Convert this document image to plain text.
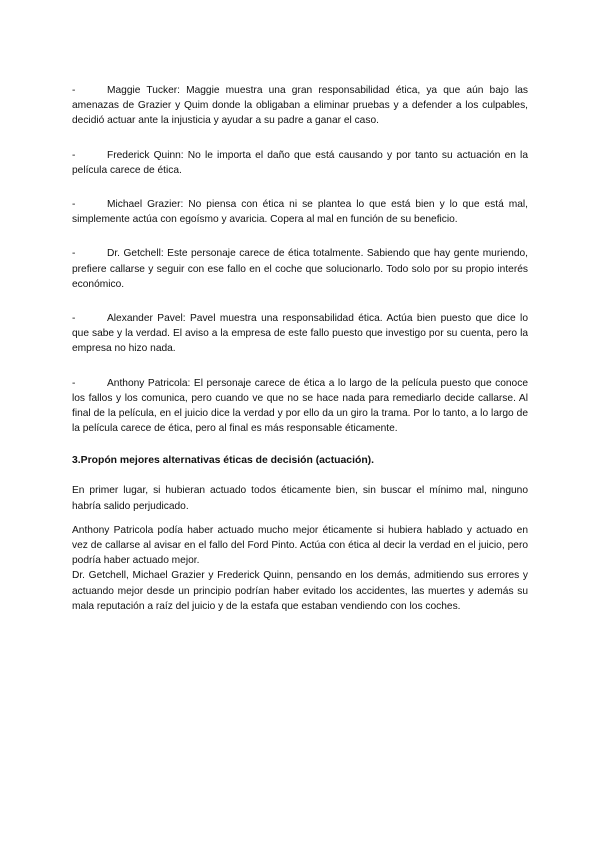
-	Maggie Tucker: Maggie muestra una gran responsabilidad ética, ya que aún bajo las amenazas de Grazier y Quim donde la obligaban a eliminar pruebas y a defender a los culpables, decidió actuar ante la injusticia y ayudar a su padre a ganar el caso.
-	Frederick Quinn: No le importa el daño que está causando y por tanto su actuación en la película carece de ética.
-	Michael Grazier: No piensa con ética ni se plantea lo que está bien y lo que está mal, simplemente actúa con egoísmo y avaricia. Copera al mal en función de su beneficio.
-	Dr. Getchell: Este personaje carece de ética totalmente. Sabiendo que hay gente muriendo, prefiere callarse y seguir con ese fallo en el coche que solucionarlo. Todo solo por su propio interés económico.
-	Alexander Pavel: Pavel muestra una responsabilidad ética. Actúa bien puesto que dice lo que sabe y la verdad. El aviso a la empresa de este fallo puesto que investigo por su cuenta, pero la empresa no hizo nada.
-	Anthony Patricola: El personaje carece de ética a lo largo de la película puesto que conoce los fallos y los comunica, pero cuando ve que no se hace nada para remediarlo decide callarse. Al final de la película, en el juicio dice la verdad y por ello da un giro la trama. Por lo tanto, a lo largo de la película carece de ética, pero al final es más responsable éticamente.
3.Propón mejores alternativas éticas de decisión (actuación).

En primer lugar, si hubieran actuado todos éticamente bien, sin buscar el mínimo mal, ninguno habría salido perjudicado.

Anthony Patricola podía haber actuado mucho mejor éticamente si hubiera hablado y actuado en vez de callarse al avisar en el fallo del Ford Pinto. Actúa con ética al decir la verdad en el juicio, pero podría haber actuado mejor.

Dr. Getchell, Michael Grazier y Frederick Quinn, pensando en los demás, admitiendo sus errores y actuando mejor desde un principio podrían haber evitado los accidentes, las muertes y además su mala reputación a raíz del juicio y de la estafa que estaban vendiendo con los coches.
